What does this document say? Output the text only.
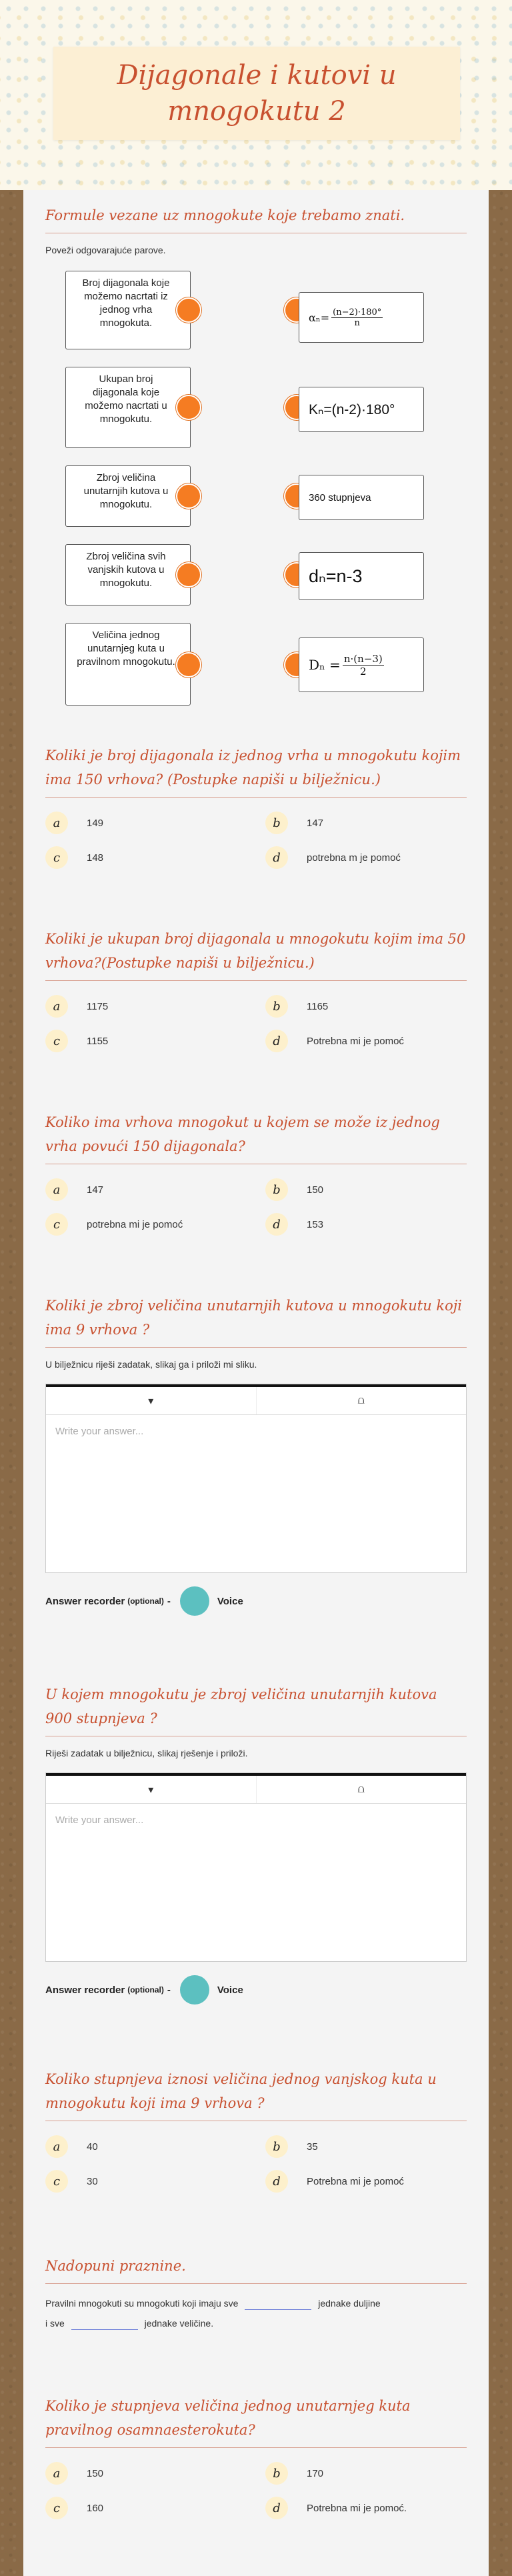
Dijagonale i kutovi u mnogokutu 2
Formule vezane uz mnogokute koje trebamo znati.
Poveži odgovarajuće parove.
Broj dijagonala koje možemo nacrtati iz jednog vrha mnogokuta.
Ukupan broj dijagonala koje možemo nacrtati u mnogokutu.
Zbroj veličina unutarnjih kutova u mnogokutu.
Zbroj veličina svih vanjskih kutova u mnogokutu.
Veličina jednog unutarnjeg kuta u pravilnom mnogokutu.
$\alpha_n= \frac{(n-2)\cdot 180^\circ}{n}$
Kₙ=(n-2)·180°
360 stupnjeva
dₙ=n-3
$D_n = \frac{n\cdot(n-3)}{2}$
Koliki je broj dijagonala iz jednog vrha u mnogokutu kojim ima 150 vrhova? (Postupke napiši u bilježnicu.)
a	149	b	147
c	148	d	potrebna m je pomoć
Koliki je ukupan broj dijagonala u mnogokutu kojim ima 50 vrhova?(Postupke napiši u bilježnicu.)
a	1175	b	1165
c	1155	d	Potrebna mi je pomoć
Koliko ima vrhova mnogokut u kojem se može iz jednog vrha povući 150 dijagonala?
a	147	b	150
c	potrebna mi je pomoć	d	153
Koliki je zbroj veličina unutarnjih kutova u mnogokutu koji ima 9 vrhova ?
U bilježnicu riješi zadatak, slikaj ga i priloži mi sliku.
▾	⩍
Write your answer...
Answer recorder (optional) -	Voice
U kojem mnogokutu je zbroj veličina unutarnjih kutova 900 stupnjeva ?
Riješi zadatak u bilježnicu, slikaj rješenje i priloži.
▾	⩍
Write your answer...
Answer recorder (optional) -	Voice
Koliko stupnjeva iznosi veličina jednog vanjskog kuta u mnogokutu koji ima 9 vrhova ?
a	40	b	35
c	30	d	Potrebna mi je pomoć
Nadopuni praznine.
Pravilni mnogokuti su mnogokuti koji imaju sve	jednake duljine
i sve	jednake veličine.
Koliko je stupnjeva veličina jednog unutarnjeg kuta pravilnog osamnaesterokuta?
a	150	b	170
c	160	d	Potrebna mi je pomoć.
